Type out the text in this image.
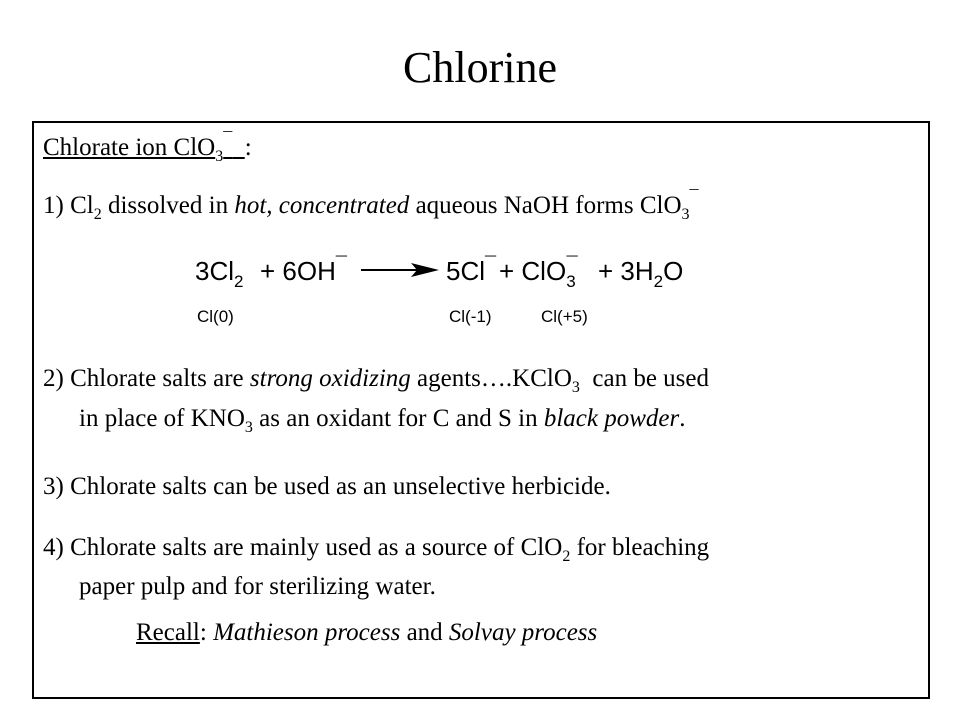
Chlorine
Chlorate ion ClO$_3$¯ :
1) $Cl_2$ dissolved in hot, concentrated aqueous NaOH forms ClO$_3$¯
$3Cl_2 + 6OH^¯$	$5Cl^¯ + ClO_3^¯ + 3H_2O$
Cl(0)	Cl(-1)	Cl(+5)
2) Chlorate salts are strong oxidizing agents….KClO$_3$ can be used
in place of $KNO_3$ as an oxidant for C and S in black powder.
3) Chlorate salts can be used as an unselective herbicide.
4) Chlorate salts are mainly used as a source of ClO$_2$ for bleaching
paper pulp and for sterilizing water.
Recall: Mathieson process and Solvay process
